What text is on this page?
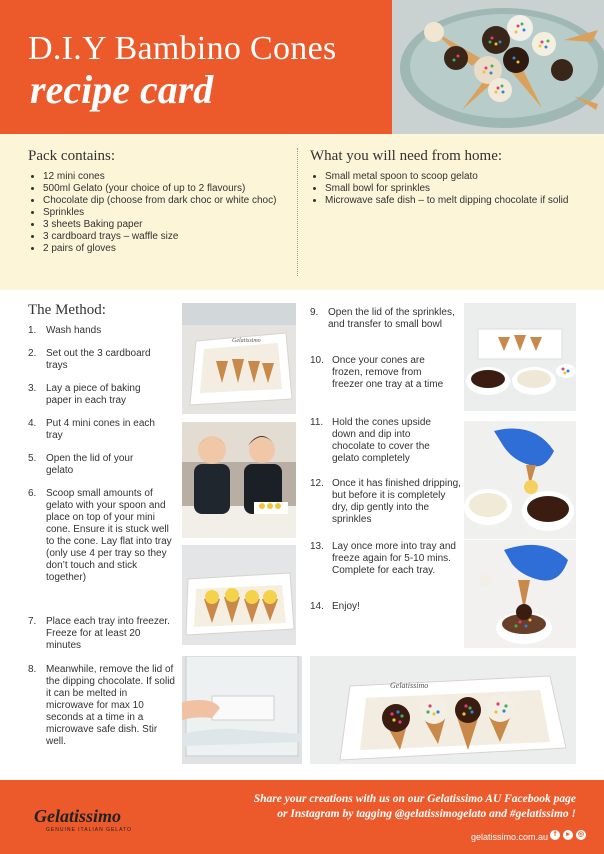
D.I.Y Bambino Cones
recipe card
Pack contains:
• 12 mini cones
• 500ml Gelato (your choice of up to 2 flavours)
• Chocolate dip (choose from dark choc or white choc)
• Sprinkles
• 3 sheets Baking paper
• 3 cardboard trays – waffle size
• 2 pairs of gloves
What you will need from home:
• Small metal spoon to scoop gelato
• Small bowl for sprinkles
• Microwave safe dish – to melt dipping chocolate if solid
The Method:
1. Wash hands
2. Set out the 3 cardboard trays
3. Lay a piece of baking paper in each tray
4. Put 4 mini cones in each tray
5. Open the lid of your gelato
6. Scoop small amounts of gelato with your spoon and place on top of your mini cone. Ensure it is stuck well to the cone. Lay flat into tray (only use 4 per tray so they don’t touch and stick together)
7. Place each tray into freezer. Freeze for at least 20 minutes
8. Meanwhile, remove the lid of the dipping chocolate. If solid it can be melted in microwave for max 10 seconds at a time in a microwave safe dish. Stir well.
9. Open the lid of the sprinkles, and transfer to small bowl
10. Once your cones are frozen, remove from freezer one tray at a time
11. Hold the cones upside down and dip into chocolate to cover the gelato completely
12. Once it has finished dripping, but before it is completely dry, dip gently into the sprinkles
13. Lay once more into tray and freeze again for 5-10 mins. Complete for each tray.
14. Enjoy!
Gelatissimo
Gelatissimo
Gelatissimo
GENUINE ITALIAN GELATO
Share your creations with us on our Gelatissimo AU Facebook page
or Instagram by tagging @gelatissimogelato and #gelatissimo !
gelatissimo.com.au f	▸	◎
